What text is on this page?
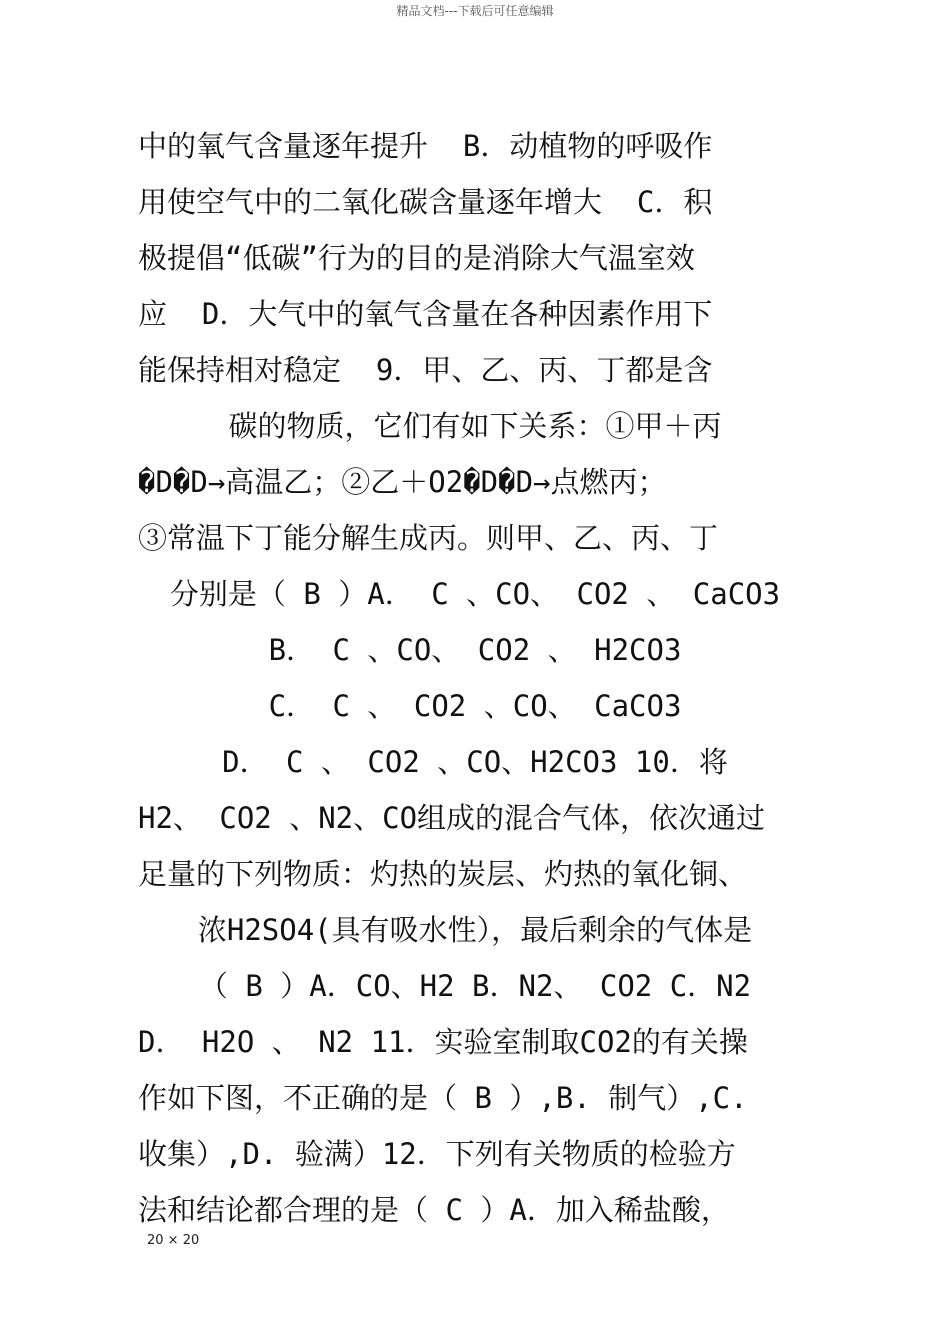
精品文档---下载后可任意编辑
中的氧气含量逐年提升  B．动植物的呼吸作
用使空气中的二氧化碳含量逐年增大  C．积
极提倡“低碳”行为的目的是消除大气温室效
应  D．大气中的氧气含量在各种因素作用下
能保持相对稳定  9．甲、乙、丙、丁都是含
碳的物质，它们有如下关系：①甲＋丙
�D�D→高温乙；②乙＋O2�D�D→点燃丙；
③常温下丁能分解生成丙。则甲、乙、丙、丁
分别是（ B ）A． C 、CO、 CO2 、 CaCO3
B． C 、CO、 CO2 、 H2CO3
C． C 、 CO2 、CO、 CaCO3
D． C 、 CO2 、CO、H2CO3 10．将
H2、 CO2 、N2、CO组成的混合气体，依次通过
足量的下列物质：灼热的炭层、灼热的氧化铜、
浓H2SO4(具有吸水性），最后剩余的气体是
（ B ）A．CO、H2 B．N2、 CO2 C．N2
D． H2O 、 N2 11．实验室制取CO2的有关操
作如下图，不正确的是（ B ）,B. 制气）,C.
收集）,D. 验满）12．下列有关物质的检验方
法和结论都合理的是（ C ）A．加入稀盐酸，
20 × 20
